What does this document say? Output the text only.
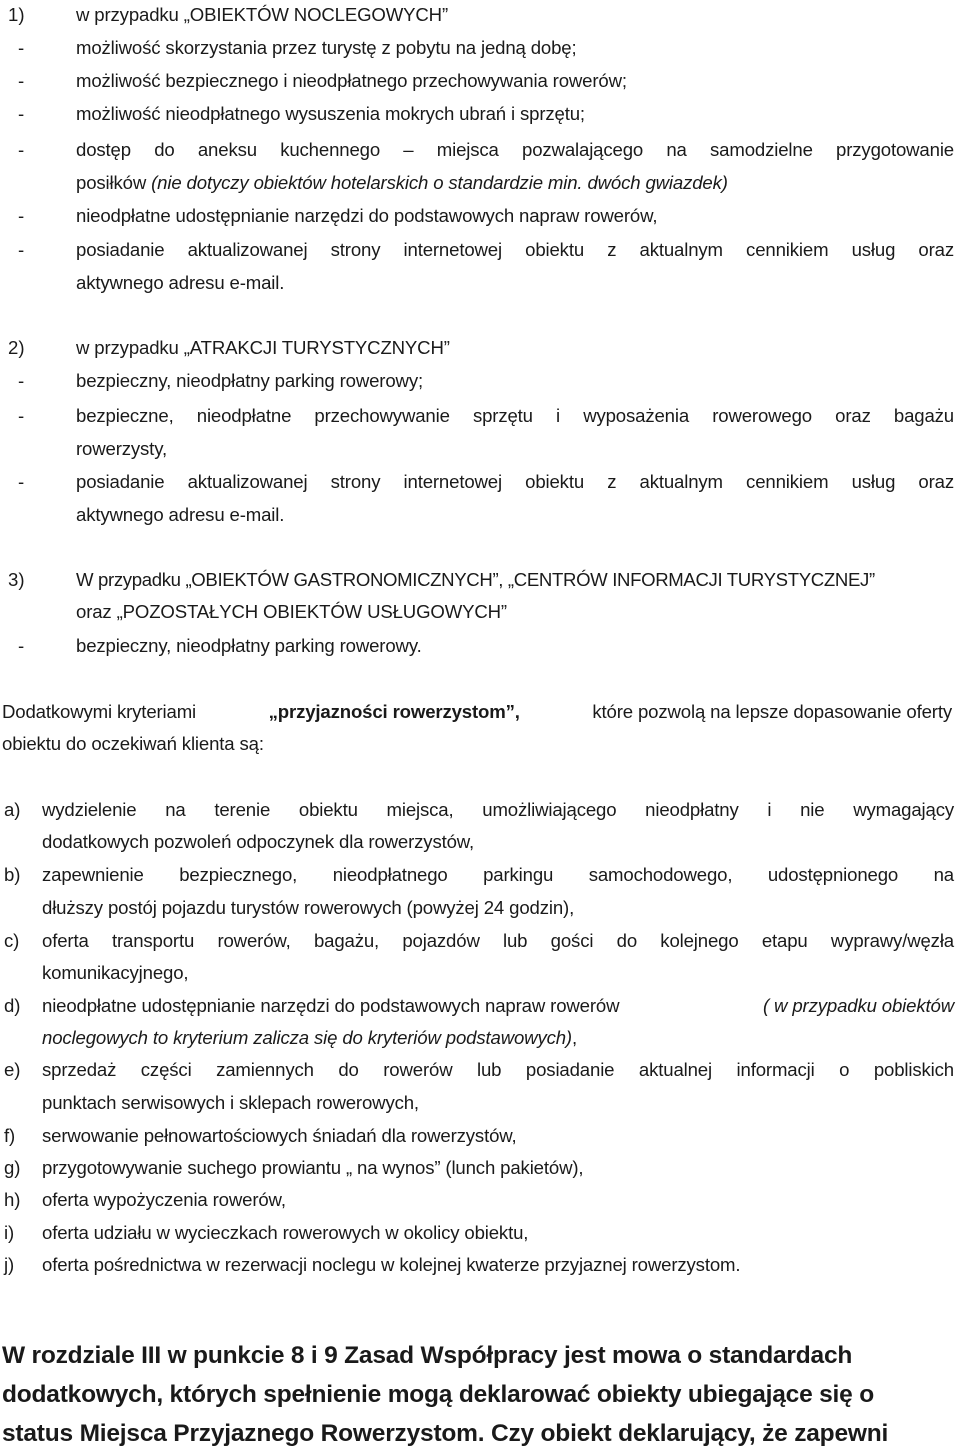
1)	w przypadku „OBIEKTÓW NOCLEGOWYCH”
-	możliwość skorzystania przez turystę z pobytu na jedną dobę;
-	możliwość bezpiecznego i nieodpłatnego przechowywania rowerów;
-	możliwość nieodpłatnego wysuszenia mokrych ubrań i sprzętu;
-	dostęp do aneksu kuchennego – miejsca pozwalającego na samodzielne przygotowanie
posiłków (nie dotyczy obiektów hotelarskich o standardzie min. dwóch gwiazdek)
-	nieodpłatne udostępnianie narzędzi do podstawowych napraw rowerów,
-	posiadanie aktualizowanej strony internetowej obiektu z aktualnym cennikiem usług oraz
aktywnego adresu e-mail.
2)	w przypadku „ATRAKCJI TURYSTYCZNYCH”
-	bezpieczny, nieodpłatny parking rowerowy;
-	bezpieczne, nieodpłatne przechowywanie sprzętu i wyposażenia rowerowego oraz bagażu
rowerzysty,
-	posiadanie aktualizowanej strony internetowej obiektu z aktualnym cennikiem usług oraz
aktywnego adresu e-mail.
3)	W przypadku „OBIEKTÓW GASTRONOMICZNYCH”, „CENTRÓW INFORMACJI TURYSTYCZNEJ”
oraz „POZOSTAŁYCH OBIEKTÓW USŁUGOWYCH”
-	bezpieczny, nieodpłatny parking rowerowy.
Dodatkowymi kryteriami	„przyjazności rowerzystom”,	które pozwolą na lepsze dopasowanie oferty
obiektu do oczekiwań klienta są:
a) wydzielenie na terenie obiektu miejsca, umożliwiającego nieodpłatny i nie wymagający
dodatkowych pozwoleń odpoczynek dla rowerzystów,
b) zapewnienie bezpiecznego, nieodpłatnego parkingu samochodowego, udostępnionego na
dłuższy postój pojazdu turystów rowerowych (powyżej 24 godzin),
c) oferta transportu rowerów, bagażu, pojazdów lub gości do kolejnego etapu wyprawy/węzła
komunikacyjnego,
d) nieodpłatne udostępnianie narzędzi do podstawowych napraw rowerów	( w przypadku obiektów
noclegowych to kryterium zalicza się do kryteriów podstawowych),
e) sprzedaż części zamiennych do rowerów lub posiadanie aktualnej informacji o pobliskich
punktach serwisowych i sklepach rowerowych,
f) serwowanie pełnowartościowych śniadań dla rowerzystów,
g) przygotowywanie suchego prowiantu „ na wynos” (lunch pakietów),
h) oferta wypożyczenia rowerów,
i) oferta udziału w wycieczkach rowerowych w okolicy obiektu,
j) oferta pośrednictwa w rezerwacji noclegu w kolejnej kwaterze przyjaznej rowerzystom.
W rozdziale III w punkcie 8 i 9 Zasad Współpracy jest mowa o standardach
dodatkowych, których spełnienie mogą deklarować obiekty ubiegające się o
status Miejsca Przyjaznego Rowerzystom. Czy obiekt deklarujący, że zapewni
